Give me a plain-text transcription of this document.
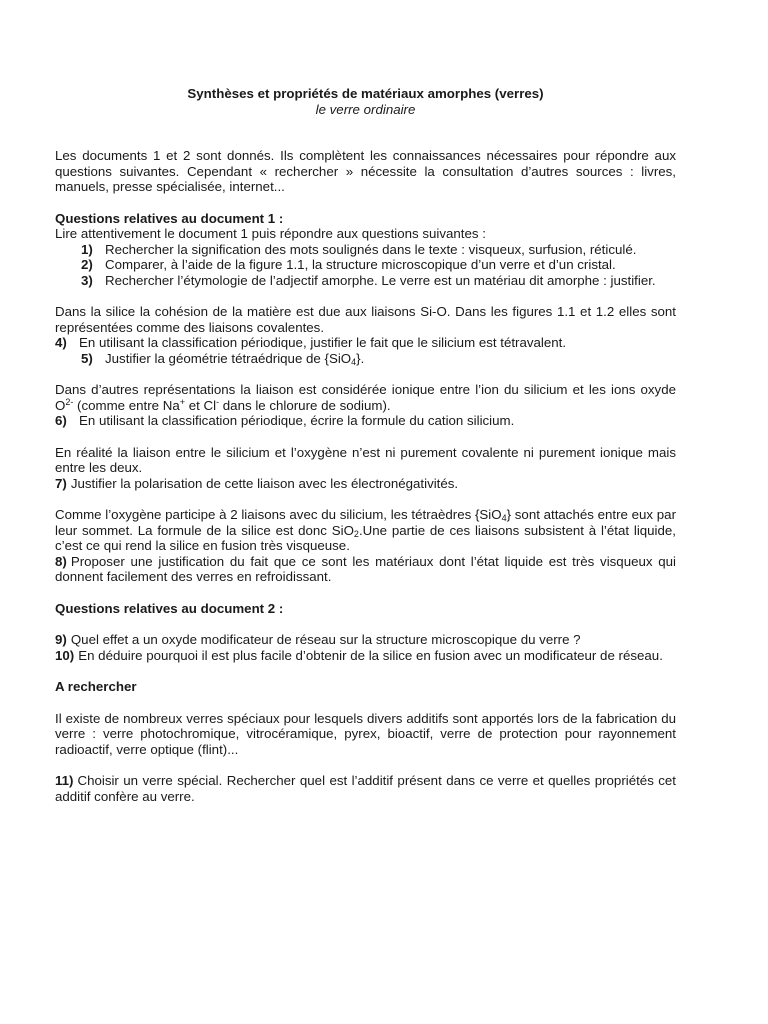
Synthèses et propriétés de matériaux amorphes (verres)
le verre ordinaire

Les documents 1 et 2 sont donnés. Ils complètent les connaissances nécessaires pour répondre aux questions suivantes. Cependant « rechercher » nécessite la consultation d’autres sources : livres, manuels, presse spécialisée, internet...

Questions relatives au document 1 :

Lire attentivement le document 1 puis répondre aux questions suivantes :

1) Rechercher la signification des mots soulignés dans le texte : visqueux, surfusion, réticulé.
2) Comparer, à l’aide de la figure 1.1, la structure microscopique d’un verre et d’un cristal.
3) Rechercher l’étymologie de l’adjectif amorphe. Le verre est un matériau dit amorphe : justifier.

Dans la silice la cohésion de la matière est due aux liaisons Si-O. Dans les figures 1.1 et 1.2 elles sont représentées comme des liaisons covalentes.

4) En utilisant la classification périodique, justifier le fait que le silicium est tétravalent.
5) Justifier la géométrie tétraédrique de {SiO$_4$}.

Dans d’autres représentations la liaison est considérée ionique entre l’ion du silicium et les ions oxyde $O^{2-}$ (comme entre Na+ et Cl- dans le chlorure de sodium).

6) En utilisant la classification périodique, écrire la formule du cation silicium.

En réalité la liaison entre le silicium et l’oxygène n’est ni purement covalente ni purement ionique mais entre les deux.

7) Justifier la polarisation de cette liaison avec les électronégativités.

Comme l’oxygène participe à 2 liaisons avec du silicium, les tétraèdres {SiO$_4$} sont attachés entre eux par leur sommet. La formule de la silice est donc SiO$_2$.Une partie de ces liaisons subsistent à l’état liquide, c’est ce qui rend la silice en fusion très visqueuse.

8) Proposer une justification du fait que ce sont les matériaux dont l’état liquide est très visqueux qui donnent facilement des verres en refroidissant.

Questions relatives au document 2 :

9) Quel effet a un oxyde modificateur de réseau sur la structure microscopique du verre ?

10) En déduire pourquoi il est plus facile d’obtenir de la silice en fusion avec un modificateur de réseau.

A rechercher

Il existe de nombreux verres spéciaux pour lesquels divers additifs sont apportés lors de la fabrication du verre : verre photochromique, vitrocéramique, pyrex, bioactif, verre de protection pour rayonnement radioactif, verre optique (flint)...

11) Choisir un verre spécial. Rechercher quel est l’additif présent dans ce verre et quelles propriétés cet additif confère au verre.
